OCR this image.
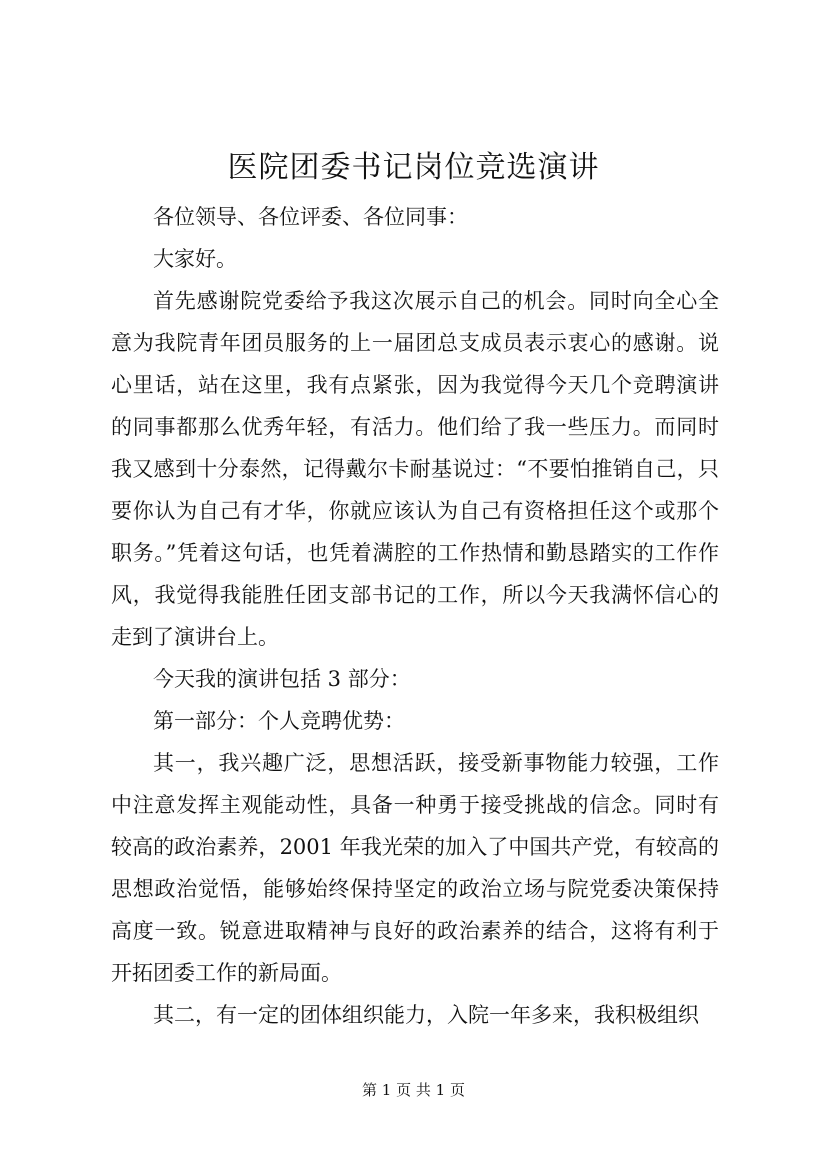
医院团委书记岗位竞选演讲

各位领导、各位评委、各位同事：

大家好。

首先感谢院党委给予我这次展示自己的机会。同时向全心全意为我院青年团员服务的上一届团总支成员表示衷心的感谢。说心里话，站在这里，我有点紧张，因为我觉得今天几个竞聘演讲的同事都那么优秀年轻，有活力。他们给了我一些压力。而同时我又感到十分泰然，记得戴尔卡耐基说过：“不要怕推销自己，只要你认为自己有才华，你就应该认为自己有资格担任这个或那个职务。”凭着这句话，也凭着满腔的工作热情和勤恳踏实的工作作风，我觉得我能胜任团支部书记的工作，所以今天我满怀信心的走到了演讲台上。

今天我的演讲包括 3 部分：

第一部分：个人竞聘优势：

其一，我兴趣广泛，思想活跃，接受新事物能力较强，工作中注意发挥主观能动性，具备一种勇于接受挑战的信念。同时有较高的政治素养，2001 年我光荣的加入了中国共产党，有较高的思想政治觉悟，能够始终保持坚定的政治立场与院党委决策保持高度一致。锐意进取精神与良好的政治素养的结合，这将有利于开拓团委工作的新局面。

其二，有一定的团体组织能力，入院一年多来，我积极组织

第 1 页 共 1 页
